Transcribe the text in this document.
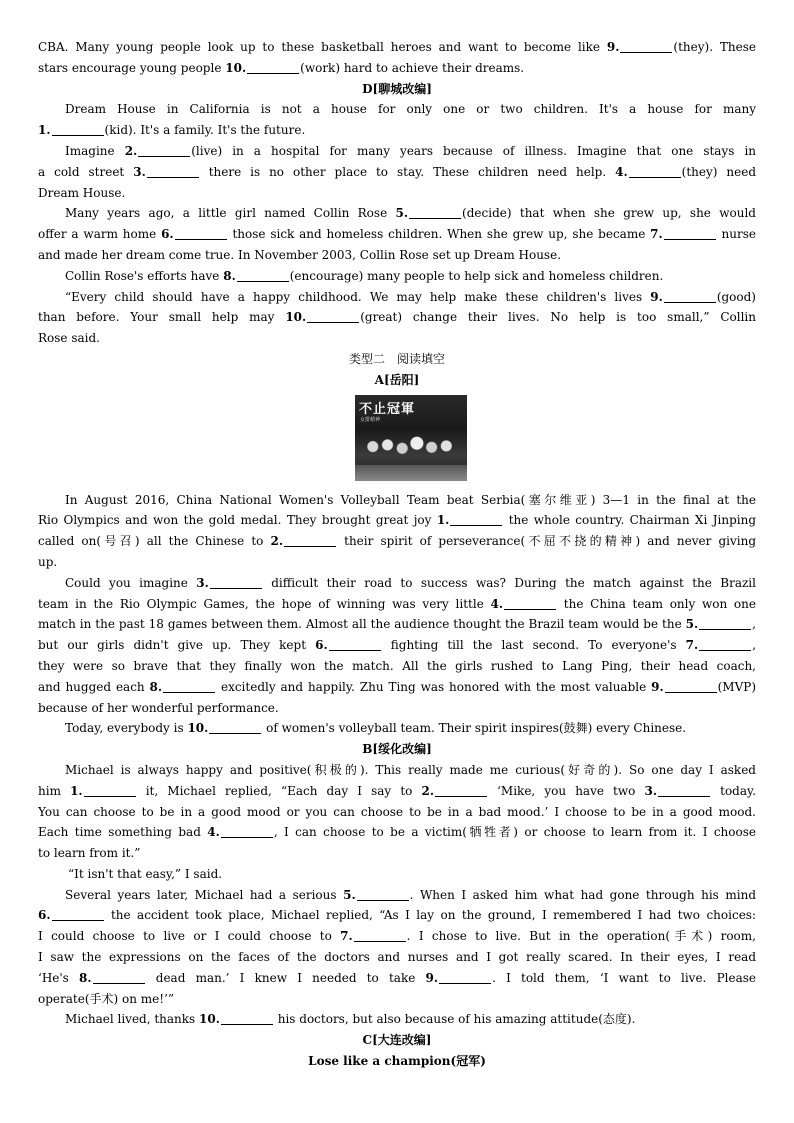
CBA. Many young people look up to these basketball heroes and want to become like 9.	(they). These
stars encourage young people 10.	(work) hard to achieve their dreams.
D[聊城改编]
Dream House in California is not a house for only one or two children. It's a house for many
1.	(kid). It's a family. It's the future.
Imagine 2.	(live) in a hospital for many years because of illness. Imagine that one stays in
a cold street 3.	there is no other place to stay. These children need help. 4.	(they) need
Dream House.
Many years ago, a little girl named Collin Rose 5.	(decide) that when she grew up, she would
offer a warm home 6.	those sick and homeless children. When she grew up, she became 7.	nurse
and made her dream come true. In November 2003, Collin Rose set up Dream House.
Collin Rose's efforts have 8.	(encourage) many people to help sick and homeless children.
“Every child should have a happy childhood. We may help make these children's lives 9.	(good)
than before. Your small help may 10.	(great) change their lives. No help is too small,” Collin
Rose said.
类型二　阅读填空
A[岳阳]
不止冠軍
女排精神
In August 2016, China National Women's Volleyball Team beat Serbia(塞尔维亚) 3—1 in the final at the
Rio Olympics and won the gold medal. They brought great joy 1.	the whole country. Chairman Xi Jinping
called on(号召) all the Chinese to 2.	their spirit of perseverance(不屈不挠的精神) and never giving
up.
Could you imagine 3.	difficult their road to success was? During the match against the Brazil
team in the Rio Olympic Games, the hope of winning was very little 4.	the China team only won one
match in the past 18 games between them. Almost all the audience thought the Brazil team would be the 5.	,
but our girls didn't give up. They kept 6.	fighting till the last second. To everyone's 7.	,
they were so brave that they finally won the match. All the girls rushed to Lang Ping, their head coach,
and hugged each 8.	excitedly and happily. Zhu Ting was honored with the most valuable 9.	(MVP)
because of her wonderful performance.
Today, everybody is 10.	of women's volleyball team. Their spirit inspires(鼓舞) every Chinese.
B[绥化改编]
Michael is always happy and positive(积极的). This really made me curious(好奇的). So one day I asked
him 1.	it, Michael replied, “Each day I say to 2.	‘Mike, you have two 3.	today.
You can choose to be in a good mood or you can choose to be in a bad mood.’ I choose to be in a good mood.
Each time something bad 4.	, I can choose to be a victim(牺牲者) or choose to learn from it. I choose
to learn from it.”
“It isn't that easy,” I said.
Several years later, Michael had a serious 5.	. When I asked him what had gone through his mind
6.	the accident took place, Michael replied, “As I lay on the ground, I remembered I had two choices:
I could choose to live or I could choose to 7.	. I chose to live. But in the operation(手术) room,
I saw the expressions on the faces of the doctors and nurses and I got really scared. In their eyes, I read
‘He's 8.	dead man.’ I knew I needed to take 9.	. I told them, ‘I want to live. Please
operate(手术) on me!’”
Michael lived, thanks 10.	his doctors, but also because of his amazing attitude(态度).
C[大连改编]
Lose like a champion(冠军)
